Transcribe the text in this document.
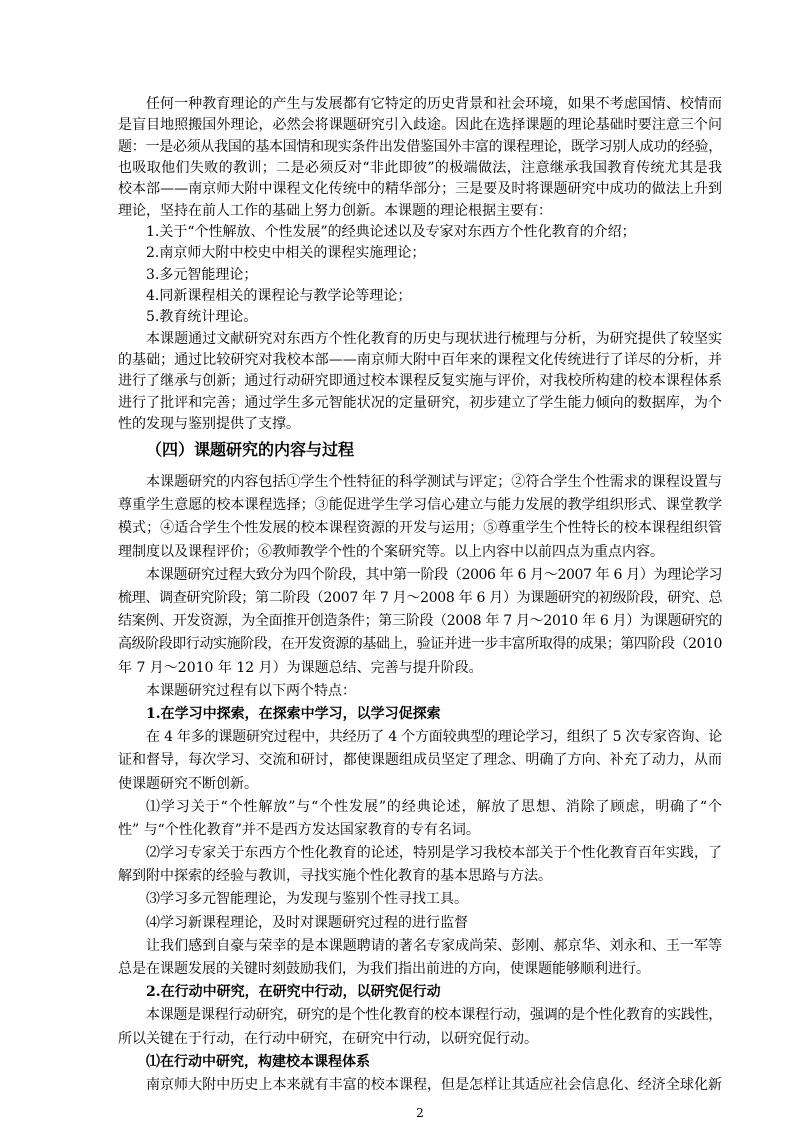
任何一种教育理论的产生与发展都有它特定的历史背景和社会环境，如果不考虑国情、校情而
是盲目地照搬国外理论，必然会将课题研究引入歧途。因此在选择课题的理论基础时要注意三个问
题：一是必须从我国的基本国情和现实条件出发借鉴国外丰富的课程理论，既学习别人成功的经验，
也吸取他们失败的教训；二是必须反对“非此即彼”的极端做法，注意继承我国教育传统尤其是我
校本部——南京师大附中课程文化传统中的精华部分；三是要及时将课题研究中成功的做法上升到
理论，坚持在前人工作的基础上努力创新。本课题的理论根据主要有：
1.关于“个性解放、个性发展”的经典论述以及专家对东西方个性化教育的介绍；
2.南京师大附中校史中相关的课程实施理论；
3.多元智能理论；
4.同新课程相关的课程论与教学论等理论；
5.教育统计理论。
本课题通过文献研究对东西方个性化教育的历史与现状进行梳理与分析，为研究提供了较坚实
的基础；通过比较研究对我校本部——南京师大附中百年来的课程文化传统进行了详尽的分析，并
进行了继承与创新；通过行动研究即通过校本课程反复实施与评价，对我校所构建的校本课程体系
进行了批评和完善；通过学生多元智能状况的定量研究，初步建立了学生能力倾向的数据库，为个
性的发现与鉴别提供了支撑。
（四）课题研究的内容与过程
本课题研究的内容包括①学生个性特征的科学测试与评定；②符合学生个性需求的课程设置与
尊重学生意愿的校本课程选择；③能促进学生学习信心建立与能力发展的教学组织形式、课堂教学
模式；④适合学生个性发展的校本课程资源的开发与运用；⑤尊重学生个性特长的校本课程组织管
理制度以及课程评价；⑥教师教学个性的个案研究等。以上内容中以前四点为重点内容。
本课题研究过程大致分为四个阶段，其中第一阶段（2006 年 6 月～2007 年 6 月）为理论学习
梳理、调查研究阶段；第二阶段（2007 年 7 月～2008 年 6 月）为课题研究的初级阶段，研究、总
结案例、开发资源，为全面推开创造条件；第三阶段（2008 年 7 月～2010 年 6 月）为课题研究的
高级阶段即行动实施阶段，在开发资源的基础上，验证并进一步丰富所取得的成果；第四阶段（2010
年 7 月～2010 年 12 月）为课题总结、完善与提升阶段。
本课题研究过程有以下两个特点：
1.在学习中探索，在探索中学习，以学习促探索
在 4 年多的课题研究过程中，共经历了 4 个方面较典型的理论学习，组织了 5 次专家咨询、论
证和督导，每次学习、交流和研讨，都使课题组成员坚定了理念、明确了方向、补充了动力，从而
使课题研究不断创新。
⑴学习关于“个性解放”与“个性发展”的经典论述，解放了思想、消除了顾虑，明确了“个
性” 与“个性化教育”并不是西方发达国家教育的专有名词。
⑵学习专家关于东西方个性化教育的论述，特别是学习我校本部关于个性化教育百年实践，了
解到附中探索的经验与教训，寻找实施个性化教育的基本思路与方法。
⑶学习多元智能理论，为发现与鉴别个性寻找工具。
⑷学习新课程理论，及时对课题研究过程的进行监督
让我们感到自豪与荣幸的是本课题聘请的著名专家成尚荣、彭刚、郝京华、刘永和、王一军等
总是在课题发展的关键时刻鼓励我们，为我们指出前进的方向，使课题能够顺利进行。
2.在行动中研究，在研究中行动，以研究促行动
本课题是课程行动研究，研究的是个性化教育的校本课程行动，强调的是个性化教育的实践性，
所以关键在于行动，在行动中研究，在研究中行动，以研究促行动。
⑴在行动中研究，构建校本课程体系
南京师大附中历史上本来就有丰富的校本课程，但是怎样让其适应社会信息化、经济全球化新
2
